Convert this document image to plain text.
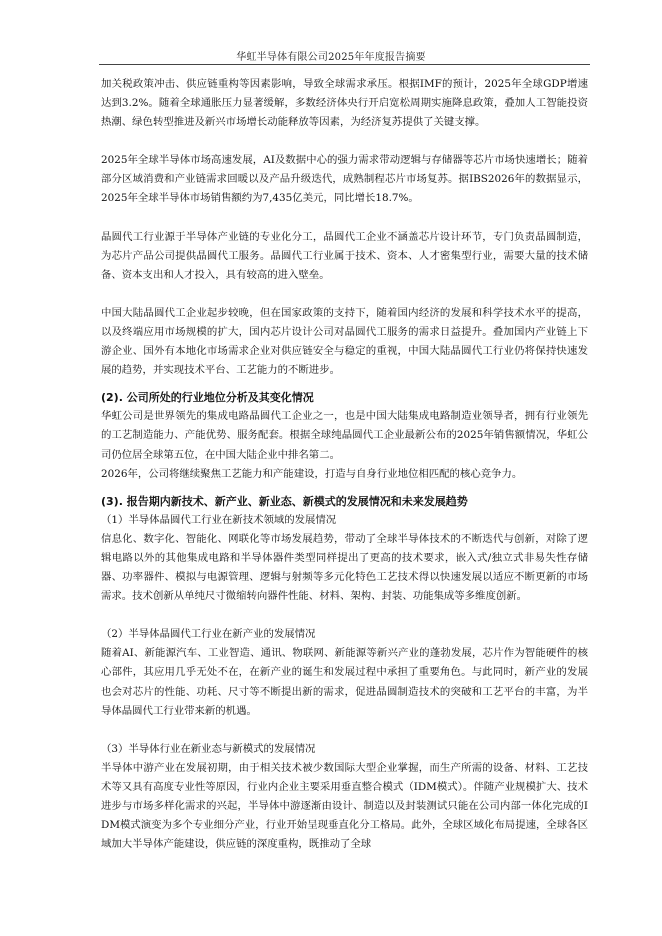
华虹半导体有限公司2025年年度报告摘要

加关税政策冲击、供应链重构等因素影响，导致全球需求承压。根据IMF的预计，2025年全球GDP增速达到3.2%。随着全球通胀压力显著缓解，多数经济体央行开启宽松周期实施降息政策，叠加人工智能投资热潮、绿色转型推进及新兴市场增长动能释放等因素，为经济复苏提供了关键支撑。

2025年全球半导体市场高速发展，AI及数据中心的强力需求带动逻辑与存储器等芯片市场快速增长；随着部分区域消费和产业链需求回暖以及产品升级迭代，成熟制程芯片市场复苏。据IBS2026年的数据显示，2025年全球半导体市场销售额约为7,435亿美元，同比增长18.7%。

晶圆代工行业源于半导体产业链的专业化分工，晶圆代工企业不涵盖芯片设计环节，专门负责晶圆制造，为芯片产品公司提供晶圆代工服务。晶圆代工行业属于技术、资本、人才密集型行业，需要大量的技术储备、资本支出和人才投入，具有较高的进入壁垒。

中国大陆晶圆代工企业起步较晚，但在国家政策的支持下，随着国内经济的发展和科学技术水平的提高，以及终端应用市场规模的扩大，国内芯片设计公司对晶圆代工服务的需求日益提升。叠加国内产业链上下游企业、国外有本地化市场需求企业对供应链安全与稳定的重视，中国大陆晶圆代工行业仍将保持快速发展的趋势，并实现技术平台、工艺能力的不断进步。

(2). 公司所处的行业地位分析及其变化情况

华虹公司是世界领先的集成电路晶圆代工企业之一，也是中国大陆集成电路制造业领导者，拥有行业领先的工艺制造能力、产能优势、服务配套。根据全球纯晶圆代工企业最新公布的2025年销售额情况，华虹公司仍位居全球第五位，在中国大陆企业中排名第二。

2026年，公司将继续聚焦工艺能力和产能建设，打造与自身行业地位相匹配的核心竞争力。

(3). 报告期内新技术、新产业、新业态、新模式的发展情况和未来发展趋势

（1）半导体晶圆代工行业在新技术领域的发展情况

信息化、数字化、智能化、网联化等市场发展趋势，带动了全球半导体技术的不断迭代与创新，对除了逻辑电路以外的其他集成电路和半导体器件类型同样提出了更高的技术要求，嵌入式/独立式非易失性存储器、功率器件、模拟与电源管理、逻辑与射频等多元化特色工艺技术得以快速发展以适应不断更新的市场需求。技术创新从单纯尺寸微缩转向器件性能、材料、架构、封装、功能集成等多维度创新。

（2）半导体晶圆代工行业在新产业的发展情况

随着AI、新能源汽车、工业智造、通讯、物联网、新能源等新兴产业的蓬勃发展，芯片作为智能硬件的核心部件，其应用几乎无处不在，在新产业的诞生和发展过程中承担了重要角色。与此同时，新产业的发展也会对芯片的性能、功耗、尺寸等不断提出新的需求，促进晶圆制造技术的突破和工艺平台的丰富，为半导体晶圆代工行业带来新的机遇。

（3）半导体行业在新业态与新模式的发展情况

半导体中游产业在发展初期，由于相关技术被少数国际大型企业掌握，而生产所需的设备、材料、工艺技术等又具有高度专业性等原因，行业内企业主要采用垂直整合模式（IDM模式）。伴随产业规模扩大、技术进步与市场多样化需求的兴起，半导体中游逐渐由设计、制造以及封装测试只能在公司内部一体化完成的IDM模式演变为多个专业细分产业，行业开始呈现垂直化分工格局。此外，全球区域化布局提速，全球各区域加大半导体产能建设，供应链的深度重构，既推动了全球
